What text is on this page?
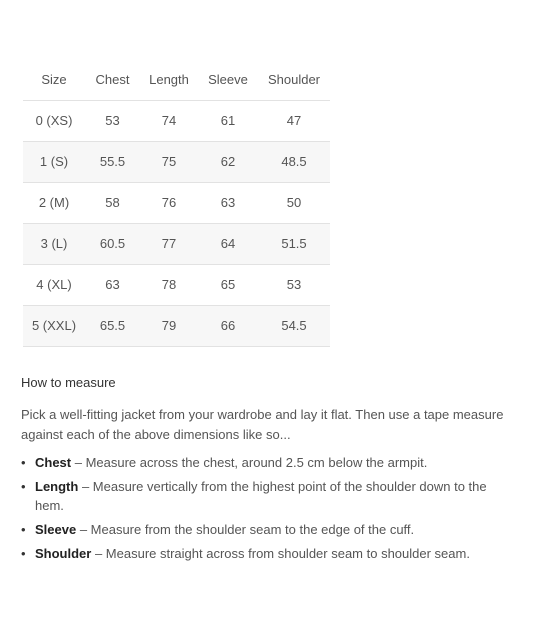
Size	Chest	Length	Sleeve	Shoulder
0 (XS)	53	74	61	47
1 (S)	55.5	75	62	48.5
2 (M)	58	76	63	50
3 (L)	60.5	77	64	51.5
4 (XL)	63	78	65	53
5 (XXL)	65.5	79	66	54.5

How to measure

Pick a well-fitting jacket from your wardrobe and lay it flat. Then use a tape measure against each of the above dimensions like so...

• Chest – Measure across the chest, around 2.5 cm below the armpit.
• Length – Measure vertically from the highest point of the shoulder down to the hem.
• Sleeve – Measure from the shoulder seam to the edge of the cuff.
• Shoulder – Measure straight across from shoulder seam to shoulder seam.
